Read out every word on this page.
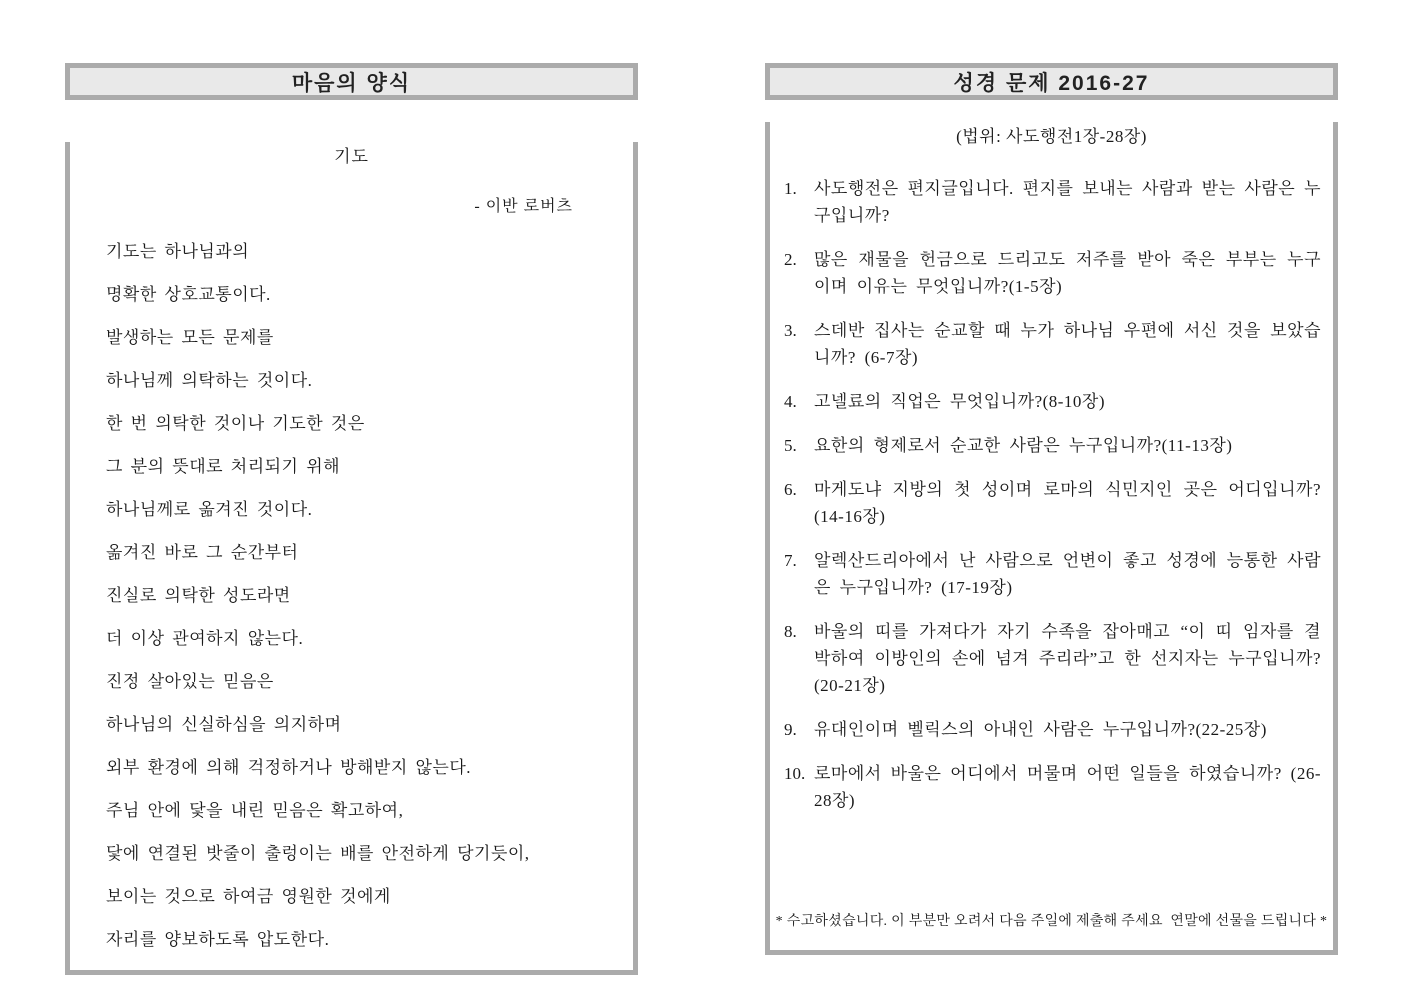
마음의 양식
기도
- 이반 로버츠
기도는 하나님과의
명확한 상호교통이다.
발생하는 모든 문제를
하나님께 의탁하는 것이다.
한 번 의탁한 것이나 기도한 것은
그 분의 뜻대로 처리되기 위해
하나님께로 옮겨진 것이다.
옮겨진 바로 그 순간부터
진실로 의탁한 성도라면
더 이상 관여하지 않는다.
진정 살아있는 믿음은
하나님의 신실하심을 의지하며
외부 환경에 의해 걱정하거나 방해받지 않는다.
주님 안에 닻을 내린 믿음은 확고하여,
닻에 연결된 밧줄이 출렁이는 배를 안전하게 당기듯이,
보이는 것으로 하여금 영원한 것에게
자리를 양보하도록 압도한다.
성경 문제 2016-27
(법위: 사도행전1장-28장)
1.	사도행전은 편지글입니다. 편지를 보내는 사람과 받는 사람은 누구입니까?
2.	많은 재물을 헌금으로 드리고도 저주를 받아 죽은 부부는 누구이며 이유는 무엇입니까?(1-5장)
3.	스데반 집사는 순교할 때 누가 하나님 우편에 서신 것을 보았습니까? (6-7장)
4.	고넬료의 직업은 무엇입니까?(8-10장)
5.	요한의 형제로서 순교한 사람은 누구입니까?(11-13장)
6.	마게도냐 지방의 첫 성이며 로마의 식민지인 곳은 어디입니까? (14-16장)
7.	알렉산드리아에서 난 사람으로 언변이 좋고 성경에 능통한 사람은 누구입니까? (17-19장)
8.	바울의 띠를 가져다가 자기 수족을 잡아매고 “이 띠 임자를 결박하여 이방인의 손에 넘겨 주리라”고 한 선지자는 누구입니까? (20-21장)
9.	유대인이며 벨릭스의 아내인 사람은 누구입니까?(22-25장)
10. 로마에서 바울은 어디에서 머물며 어떤 일들을 하였습니까? (26-28장)
* 수고하셨습니다. 이 부분만 오려서 다음 주일에 제출해 주세요  연말에 선물을 드립니다 *
